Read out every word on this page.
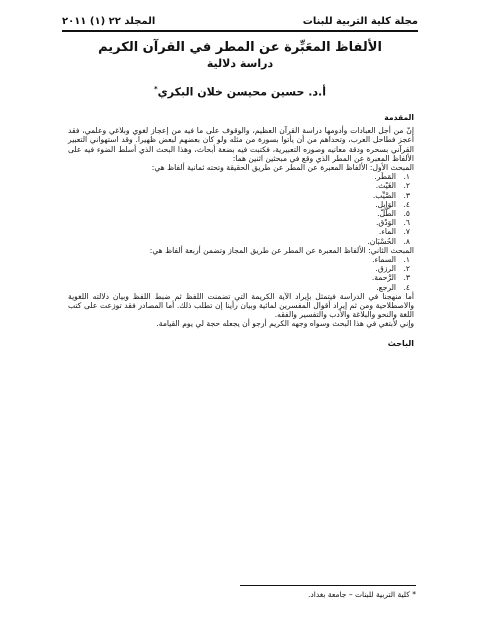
مجلة كلية التربية للبنات
المجلد ٢٢ (١) ٢٠١١
الألفاظ المعَبِّرة عن المطر في القرآن الكريم
دراسة دلالية
أ.د. حسين محيسن خلان البكري*

المقدمة

إنّ من أجل العبادات وأدومها دراسة القرآن العظيم، والوقوف على ما فيه من إعجاز لغوي وبلاغي وعلمي، فقد أعجز فطاحل العرب، وتحداهم من أن يأتوا بسورة من مثله ولو كان بعضهم لبعض ظهيرا. وقد استهواني التعبير القرآني بسحره ودقة معانيه وصوره التعبيرية، فكتبت فيه بضعة أبحاث، وهذا البحث الذي أسلط الضوء فيه على الألفاظ المعبرة عن المطر الذي وقع في مبحثين اثنين هما:

المبحث الأول: الألفاظ المعبرة عن المطر عن طريق الحقيقة وتحته ثمانية ألفاظ هي:

١.المَطَر.
٢.الغَيْث.
٣.الصَّيِّب.
٤.الوَابِل.
٥.الطَّلّ.
٦.الوَدْق.
٧.الماء.
٨.الحُسْبَان.

المبحث الثاني: الألفاظ المعبرة عن المطر عن طريق المجاز وتضمن أربعة ألفاظ هي:

١.السماء.
٢.الرزق.
٣.الرَّحمة.
٤.الرجع.

أما منهجنا في الدراسة فيتمثل بإيراد الآية الكريمة التي تضمنت اللفظ ثم ضبط اللفظ وبيان دلالته اللغوية والاصطلاحية ومن ثم إيراد أقوال المفسرين لمائية وبيان رأينا إن تطلب ذلك. أما المصادر فقد توزعت على كتب اللغة والنحو والبلاغة والأدب والتفسير والفقه.

وإني لأبتغي في هذا البحث وسواه وجهه الكريم أرجو أن يجعله حجة لي يوم القيامة.

الباحث

* كلية التربية للبنات – جامعة بغداد.
